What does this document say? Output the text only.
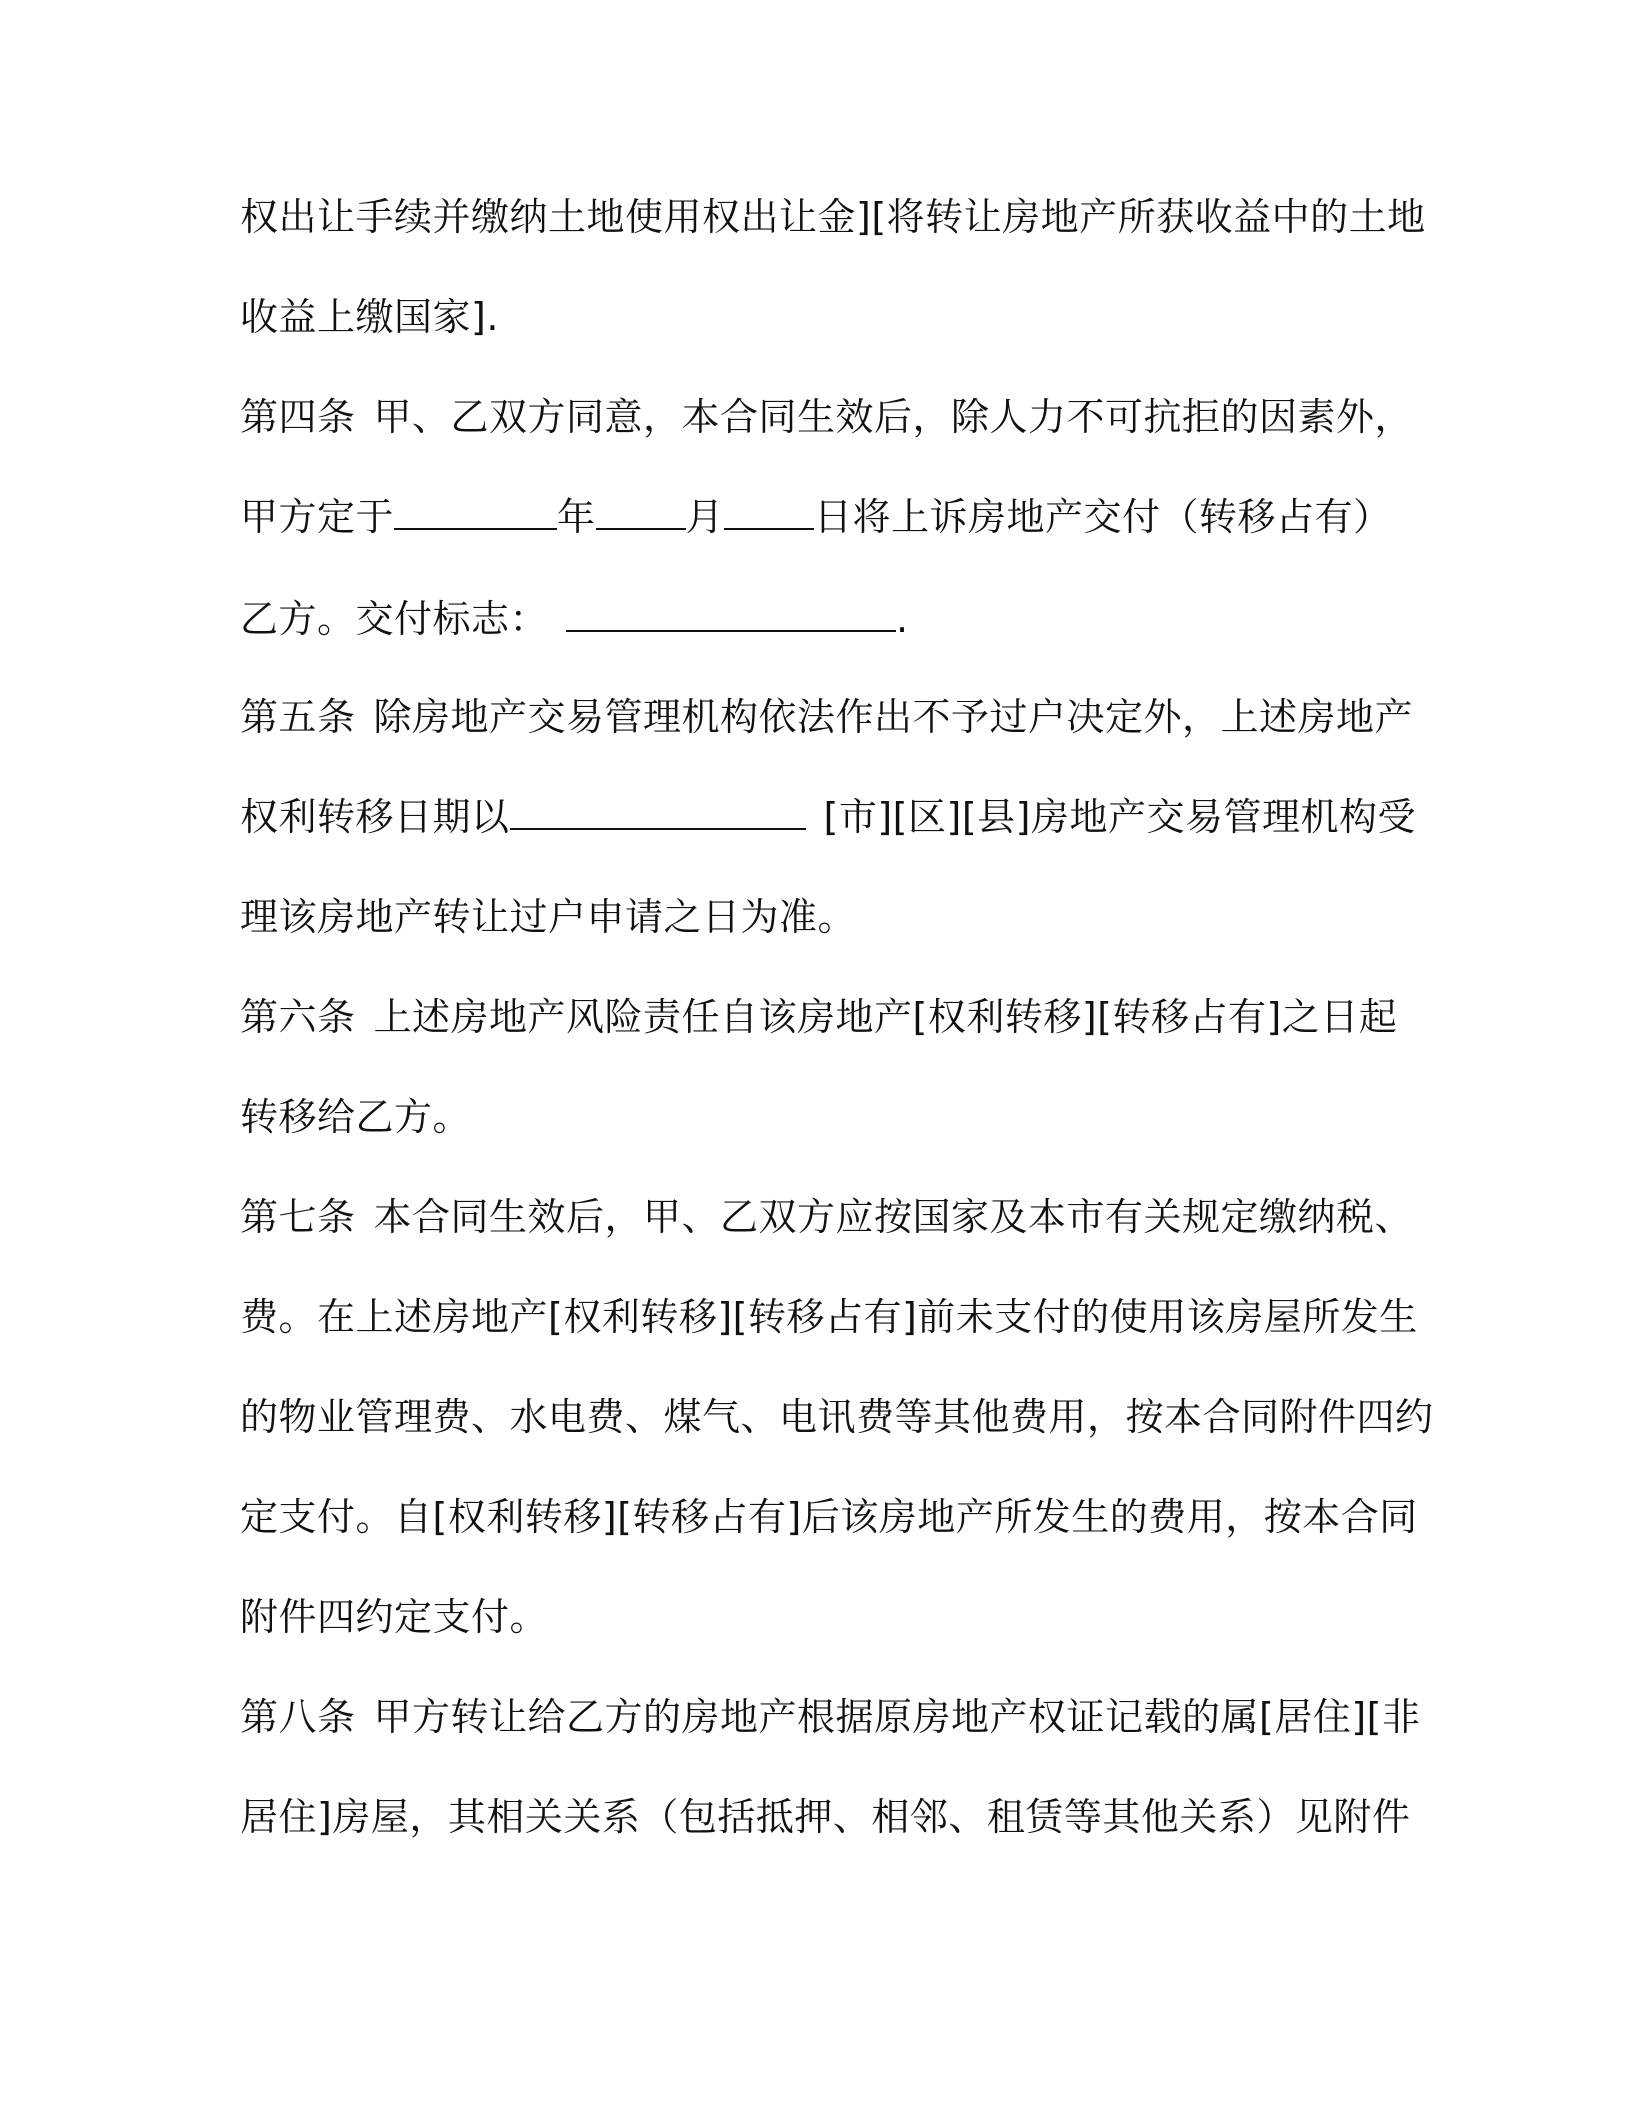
权出让手续并缴纳土地使用权出让金][将转让房地产所获收益中的土地
收益上缴国家].
第四条 甲、乙双方同意，本合同生效后，除人力不可抗拒的因素外，
甲方定于	年 月 日将上诉房地产交付（转移占有）
乙方。交付标志：	.
第五条 除房地产交易管理机构依法作出不予过户决定外，上述房地产
权利转移日期以	[市][区][县]房地产交易管理机构受
理该房地产转让过户申请之日为准。
第六条 上述房地产风险责任自该房地产[权利转移][转移占有]之日起
转移给乙方。
第七条 本合同生效后，甲、乙双方应按国家及本市有关规定缴纳税、
费。在上述房地产[权利转移][转移占有]前未支付的使用该房屋所发生
的物业管理费、水电费、煤气、电讯费等其他费用，按本合同附件四约
定支付。自[权利转移][转移占有]后该房地产所发生的费用，按本合同
附件四约定支付。
第八条 甲方转让给乙方的房地产根据原房地产权证记载的属[居住][非
居住]房屋，其相关关系（包括抵押、相邻、租赁等其他关系）见附件
